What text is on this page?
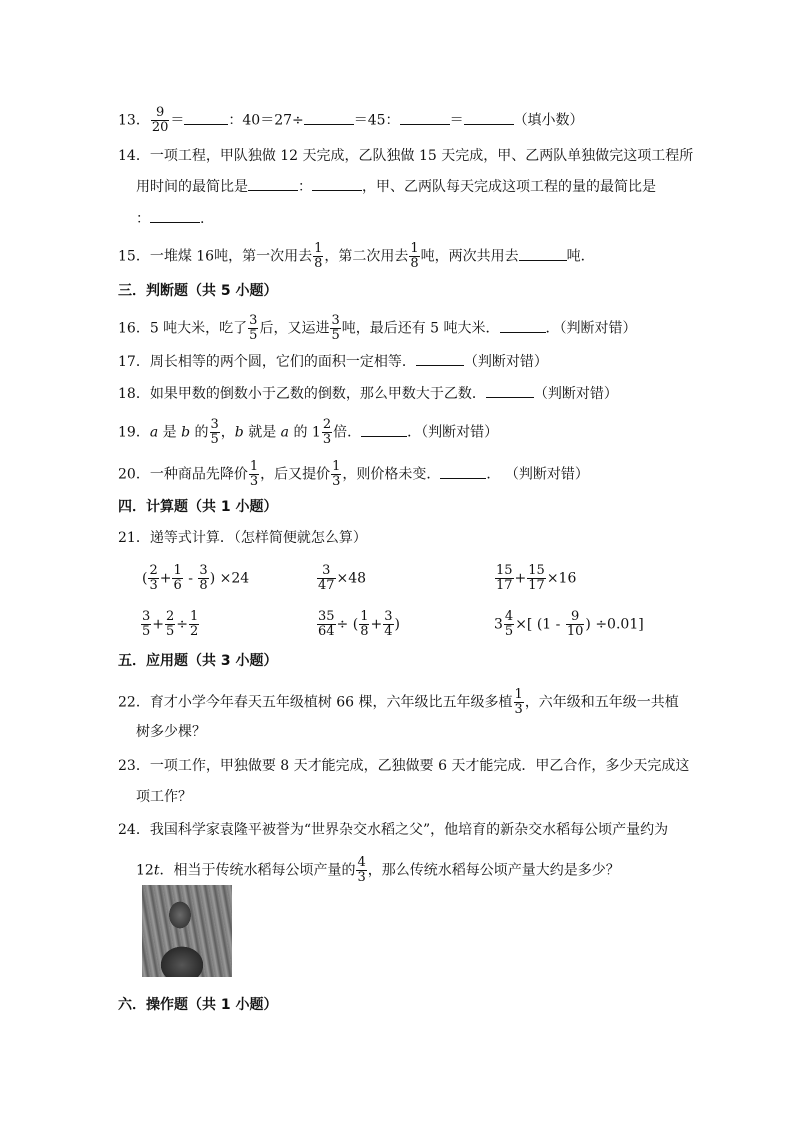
13． $\frac{9}{20}$ ＝	：40＝27÷	＝45：	＝	（填小数）
14．一项工程，甲队独做 12 天完成，乙队独做 15 天完成，甲、乙两队单独做完这项工程所
用时间的最简比是	：	，甲、乙两队每天完成这项工程的量的最简比是
：	.
15．一堆煤 16吨，第一次用去 $\frac{1}{8}$ ，第二次用去 $\frac{1}{8}$ 吨，两次共用去	吨．
三．判断题（共 5 小题）
16．5 吨大米，吃了 $\frac{3}{5}$ 后，又运进 $\frac{3}{5}$ 吨，最后还有 5 吨大米．	．（判断对错）
17．周长相等的两个圆，它们的面积一定相等．	（判断对错）
18．如果甲数的倒数小于乙数的倒数，那么甲数大于乙数．	（判断对错）
19．a 是 b 的 $\frac{3}{5}$ ，b 就是 a 的 $1 \frac{2}{3}$ 倍．	．（判断对错）
20．一种商品先降价 $\frac{1}{3}$ ，后又提价 $\frac{1}{3}$ ，则价格未变．	． （判断对错）
四．计算题（共 1 小题）
21．递等式计算．（怎样简便就怎么算）
( $\frac{2}{3} + \frac{1}{6} - \frac{3}{8}$ ) ×24	$\frac{3}{47} \times 48$	$\frac{15}{17} + \frac{15}{17} \times 16$
$\frac{3}{5} + \frac{2}{5} \div \frac{1}{2}$	$\frac{35}{64}$ ÷ ( $\frac{1}{8} + \frac{3}{4}$ )	$3 \frac{4}{5}$ ×[ ($1 - \frac{9}{10}$ ) ÷0.01]
五．应用题（共 3 小题）
22．育才小学今年春天五年级植树 66 棵，六年级比五年级多植 $\frac{1}{3}$ ，六年级和五年级一共植
树多少棵？
23．一项工作，甲独做要 8 天才能完成，乙独做要 6 天才能完成．甲乙合作，多少天完成这
项工作？
24．我国科学家袁隆平被誉为“世界杂交水稻之父”，他培育的新杂交水稻每公顷产量约为
12t．相当于传统水稻每公顷产量的 $\frac{4}{3}$ ，那么传统水稻每公顷产量大约是多少？
六．操作题（共 1 小题）
